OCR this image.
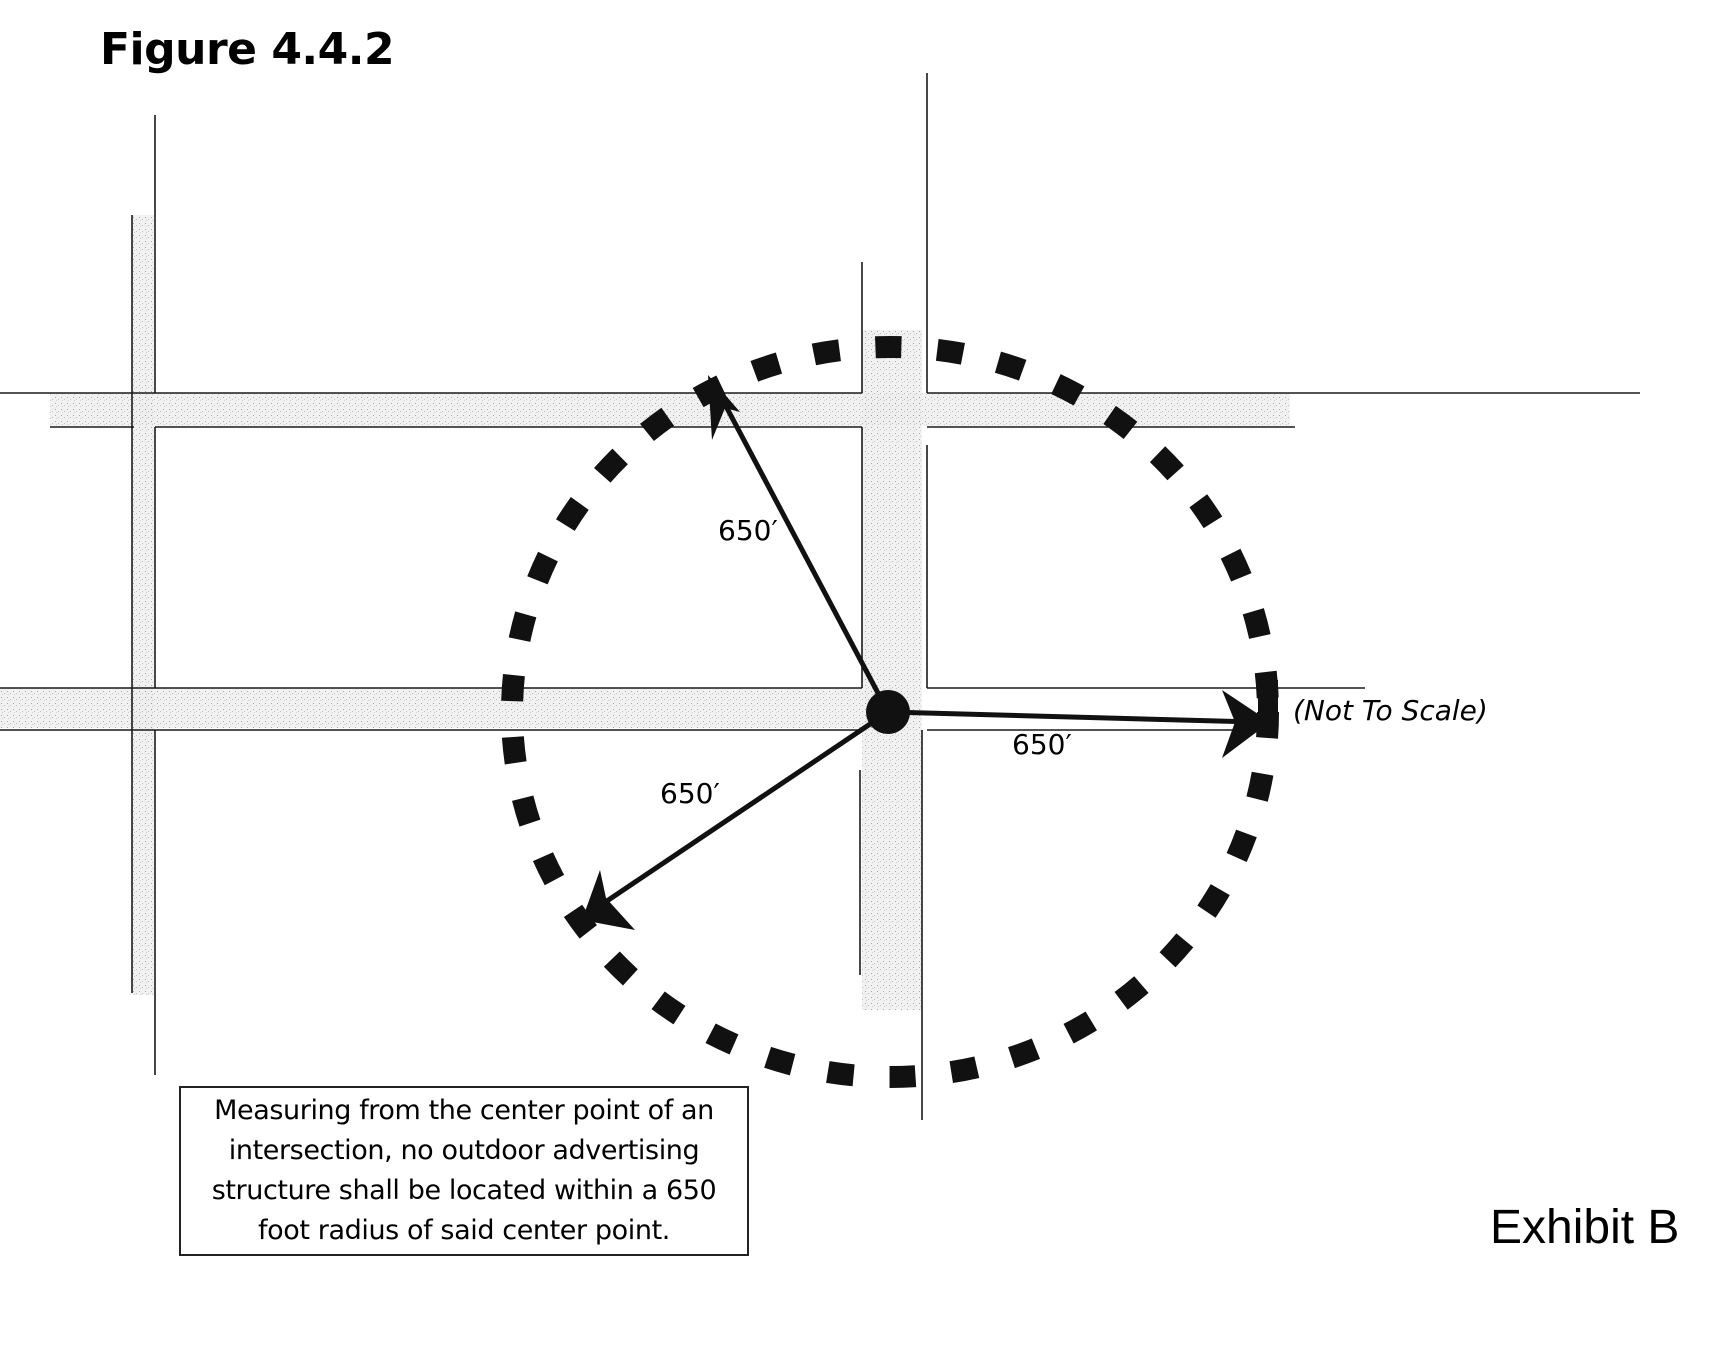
Figure 4.4.2
650′
650′
650′
(Not To Scale)
Measuring from the center point of an intersection, no outdoor advertising structure shall be located within a 650 foot radius of said center point.	Exhibit B
